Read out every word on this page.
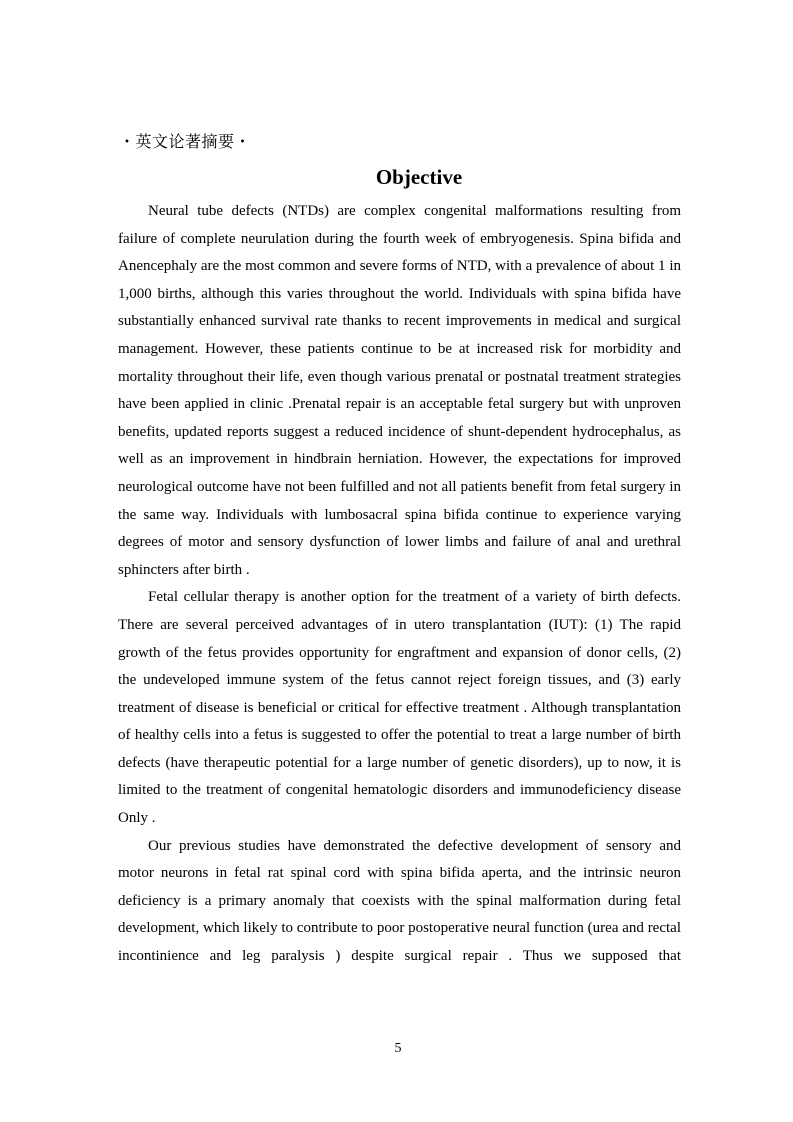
・英文论著摘要・
Objective

Neural tube defects (NTDs) are complex congenital malformations resulting from failure of complete neurulation during the fourth week of embryogenesis. Spina bifida and Anencephaly are the most common and severe forms of NTD, with a prevalence of about 1 in 1,000 births, although this varies throughout the world. Individuals with spina bifida have substantially enhanced survival rate thanks to recent improvements in medical and surgical management. However, these patients continue to be at increased risk for morbidity and mortality throughout their life, even though various prenatal or postnatal treatment strategies have been applied in clinic .Prenatal repair is an acceptable fetal surgery but with unproven benefits, updated reports suggest a reduced incidence of shunt-dependent hydrocephalus, as well as an improvement in hindbrain herniation. However, the expectations for improved neurological outcome have not been fulfilled and not all patients benefit from fetal surgery in the same way. Individuals with lumbosacral spina bifida continue to experience varying degrees of motor and sensory dysfunction of lower limbs and failure of anal and urethral sphincters after birth .

Fetal cellular therapy is another option for the treatment of a variety of birth defects. There are several perceived advantages of in utero transplantation (IUT): (1) The rapid growth of the fetus provides opportunity for engraftment and expansion of donor cells, (2) the undeveloped immune system of the fetus cannot reject foreign tissues, and (3) early treatment of disease is beneficial or critical for effective treatment . Although transplantation of healthy cells into a fetus is suggested to offer the potential to treat a large number of birth defects (have therapeutic potential for a large number of genetic disorders), up to now, it is limited to the treatment of congenital hematologic disorders and immunodeficiency disease Only .

Our previous studies have demonstrated the defective development of sensory and motor neurons in fetal rat spinal cord with spina bifida aperta, and the intrinsic neuron deficiency is a primary anomaly that coexists with the spinal malformation during fetal development, which likely to contribute to poor postoperative neural function (urea and rectal incontinience and leg paralysis ) despite surgical repair . Thus we supposed that

5
